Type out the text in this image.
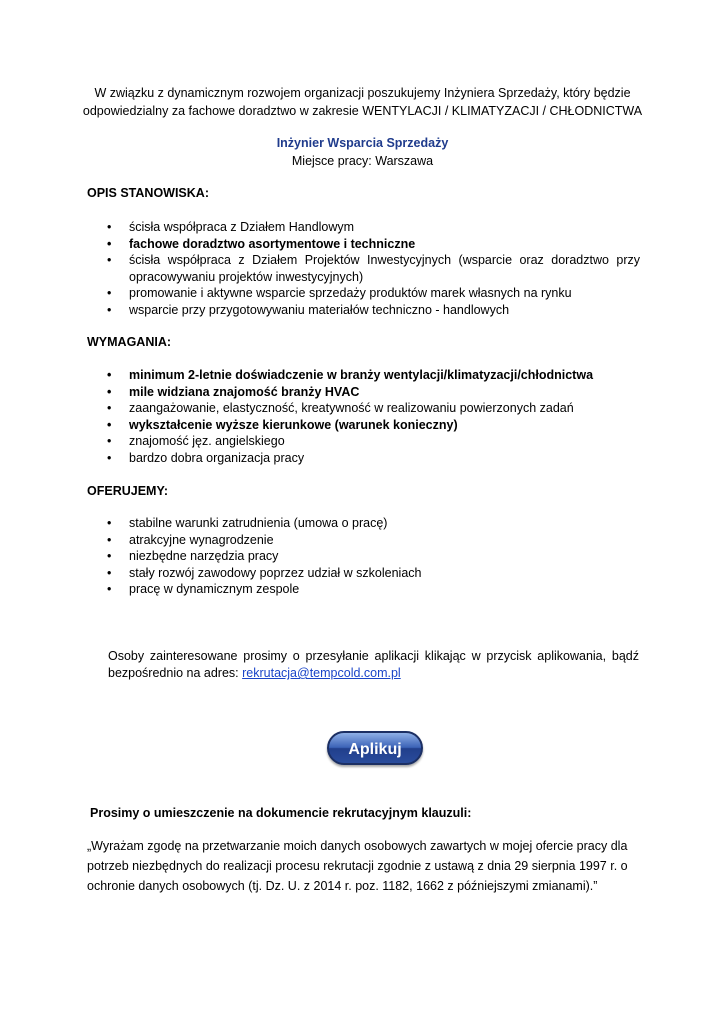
W związku z dynamicznym rozwojem organizacji poszukujemy Inżyniera Sprzedaży, który będzie
odpowiedzialny za fachowe doradztwo w zakresie WENTYLACJI / KLIMATYZACJI / CHŁODNICTWA
Inżynier Wsparcia Sprzedaży
Miejsce pracy: Warszawa
OPIS STANOWISKA:
• ścisła współpraca z Działem Handlowym
• fachowe doradztwo asortymentowe i techniczne
• ścisła współpraca z Działem Projektów Inwestycyjnych (wsparcie oraz doradztwo przy opracowywaniu projektów inwestycyjnych)
• promowanie i aktywne wsparcie sprzedaży produktów marek własnych na rynku
• wsparcie przy przygotowywaniu materiałów techniczno - handlowych
WYMAGANIA:
• minimum 2-letnie doświadczenie w branży wentylacji/klimatyzacji/chłodnictwa
• mile widziana znajomość branży HVAC
• zaangażowanie, elastyczność, kreatywność w realizowaniu powierzonych zadań
• wykształcenie wyższe kierunkowe (warunek konieczny)
• znajomość jęz. angielskiego
• bardzo dobra organizacja pracy
OFERUJEMY:
• stabilne warunki zatrudnienia (umowa o pracę)
• atrakcyjne wynagrodzenie
• niezbędne narzędzia pracy
• stały rozwój zawodowy poprzez udział w szkoleniach
• pracę w dynamicznym zespole
Osoby zainteresowane prosimy o przesyłanie aplikacji klikając w przycisk aplikowania, bądź bezpośrednio na adres: rekrutacja@tempcold.com.pl
Aplikuj
Prosimy o umieszczenie na dokumencie rekrutacyjnym klauzuli:
„Wyrażam zgodę na przetwarzanie moich danych osobowych zawartych w mojej ofercie pracy dla
potrzeb niezbędnych do realizacji procesu rekrutacji zgodnie z ustawą z dnia 29 sierpnia 1997 r. o
ochronie danych osobowych (tj. Dz. U. z 2014 r. poz. 1182, 1662 z późniejszymi zmianami).”
